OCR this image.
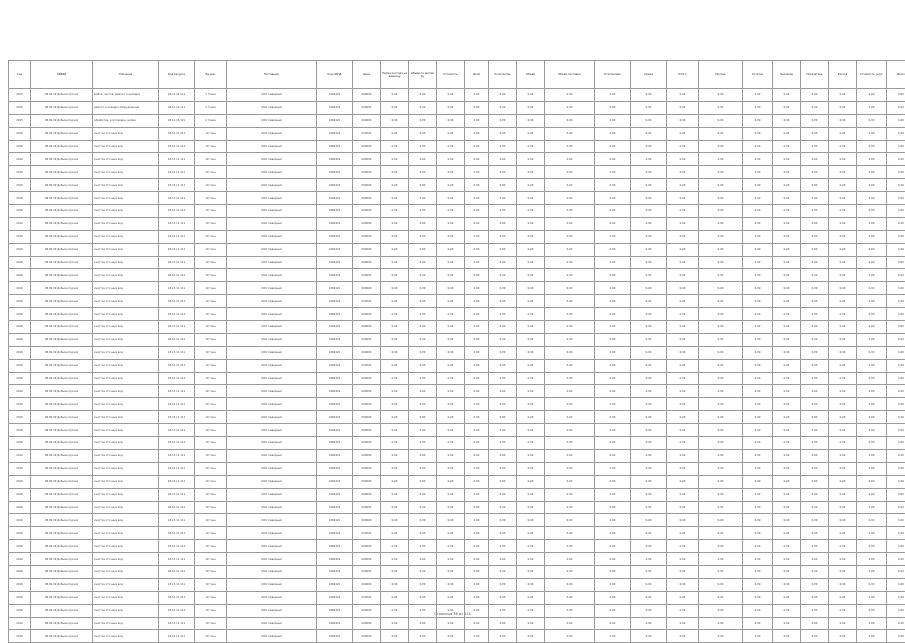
Год	ОКВЭД	Описание	Код ресурса	Ед.изм.	Поставщик	Код ОКПД	Цена	Норма расхода на единицу	Объём по договору	Стоимость	Доля	Количество	Объём	Объём поставки	Отклонение	Сумма	Итого	Прочее	Остаток	Значение	Показатель	Расход	Стоимость услуг	Всего
2015	08.99.39 Добыча прочих	мойка, чистка, ремонт и наладка	18.12.14.111	1 тонна	ООО Северный	1960421	000000	0,00	0,00	0,00	0,00	0,00	0,00	0,00	0,00	0,00	0,00	0,00	0,00	0,00	0,00	0,00	0,00	0,00
2015	08.99.39 Добыча прочих	ремонт и наладка оборудования	18.11.12.111	1 тонна	ООО Северный	1960421	000000	0,00	0,00	0,00	0,00	0,00	0,00	0,00	0,00	0,00	0,00	0,00	0,00	0,00	0,00	0,00	0,00	0,00
2015	08.99.39 Добыча прочих	обработка, сортировка, мойка	18.12.14.121	1 тонна	ООО Северный	1960421	000000	0,00	0,00	0,00	0,00	0,00	0,00	0,00	0,00	0,00	0,00	0,00	0,00	0,00	0,00	0,00	0,00	0,00
2016	08.99.39 Добыча прочих	очистка сточных вод	18.13.11.111	10 тонн	ООО Северный	1960421	000000	0,00	0,00	0,00	0,00	0,00	0,00	0,00	0,00	0,00	0,00	0,00	0,00	0,00	0,00	0,00	0,00	0,00
2016	08.99.39 Добыча прочих	очистка сточных вод	18.13.11.111	10 тонн	ООО Северный	1960421	000000	0,00	0,00	0,00	0,00	0,00	0,00	0,00	0,00	0,00	0,00	0,00	0,00	0,00	0,00	0,00	0,00	0,00
2016	08.99.39 Добыча прочих	очистка сточных вод	18.13.11.111	10 тонн	ООО Северный	1960421	000000	0,00	0,00	0,00	0,00	0,00	0,00	0,00	0,00	0,00	0,00	0,00	0,00	0,00	0,00	0,00	0,00	0,00
2016	08.99.39 Добыча прочих	очистка сточных вод	18.13.11.111	10 тонн	ООО Северный	1960421	000000	0,00	0,00	0,00	0,00	0,00	0,00	0,00	0,00	0,00	0,00	0,00	0,00	0,00	0,00	0,00	0,00	0,00
2016	08.99.39 Добыча прочих	очистка сточных вод	18.13.11.111	10 тонн	ООО Северный	1960421	000000	0,00	0,00	0,00	0,00	0,00	0,00	0,00	0,00	0,00	0,00	0,00	0,00	0,00	0,00	0,00	0,00	0,00
2016	08.99.39 Добыча прочих	очистка сточных вод	18.13.11.111	10 тонн	ООО Северный	1960421	000000	0,00	0,00	0,00	0,00	0,00	0,00	0,00	0,00	0,00	0,00	0,00	0,00	0,00	0,00	0,00	0,00	0,00
2016	08.99.39 Добыча прочих	очистка сточных вод	18.13.11.111	10 тонн	ООО Северный	1960421	000000	0,00	0,00	0,00	0,00	0,00	0,00	0,00	0,00	0,00	0,00	0,00	0,00	0,00	0,00	0,00	0,00	0,00
2016	08.99.39 Добыча прочих	очистка сточных вод	18.13.11.111	10 тонн	ООО Северный	1960421	000000	0,00	0,00	0,00	0,00	0,00	0,00	0,00	0,00	0,00	0,00	0,00	0,00	0,00	0,00	0,00	0,00	0,00
2016	08.99.39 Добыча прочих	очистка сточных вод	18.13.11.111	10 тонн	ООО Северный	1960421	000000	0,00	0,00	0,00	0,00	0,00	0,00	0,00	0,00	0,00	0,00	0,00	0,00	0,00	0,00	0,00	0,00	0,00
2016	08.99.39 Добыча прочих	очистка сточных вод	18.13.11.111	10 тонн	ООО Северный	1960421	000000	0,00	0,00	0,00	0,00	0,00	0,00	0,00	0,00	0,00	0,00	0,00	0,00	0,00	0,00	0,00	0,00	0,00
2016	08.99.39 Добыча прочих	очистка сточных вод	18.13.11.111	10 тонн	ООО Северный	1960421	000000	0,00	0,00	0,00	0,00	0,00	0,00	0,00	0,00	0,00	0,00	0,00	0,00	0,00	0,00	0,00	0,00	0,00
2016	08.99.39 Добыча прочих	очистка сточных вод	18.13.11.111	10 тонн	ООО Северный	1960421	000000	0,00	0,00	0,00	0,00	0,00	0,00	0,00	0,00	0,00	0,00	0,00	0,00	0,00	0,00	0,00	0,00	0,00
2016	08.99.39 Добыча прочих	очистка сточных вод	18.13.11.111	10 тонн	ООО Северный	1960421	000000	0,00	0,00	0,00	0,00	0,00	0,00	0,00	0,00	0,00	0,00	0,00	0,00	0,00	0,00	0,00	0,00	0,00
2016	08.99.39 Добыча прочих	очистка сточных вод	18.13.11.111	10 тонн	ООО Северный	1960421	000000	0,00	0,00	0,00	0,00	0,00	0,00	0,00	0,00	0,00	0,00	0,00	0,00	0,00	0,00	0,00	0,00	0,00
2016	08.99.39 Добыча прочих	очистка сточных вод	18.13.11.111	10 тонн	ООО Северный	1960421	000000	0,00	0,00	0,00	0,00	0,00	0,00	0,00	0,00	0,00	0,00	0,00	0,00	0,00	0,00	0,00	0,00	0,00
2016	08.99.39 Добыча прочих	очистка сточных вод	18.13.11.111	10 тонн	ООО Северный	1960421	000000	0,00	0,00	0,00	0,00	0,00	0,00	0,00	0,00	0,00	0,00	0,00	0,00	0,00	0,00	0,00	0,00	0,00
2016	08.99.39 Добыча прочих	очистка сточных вод	18.13.11.111	10 тонн	ООО Северный	1960421	000000	0,00	0,00	0,00	0,00	0,00	0,00	0,00	0,00	0,00	0,00	0,00	0,00	0,00	0,00	0,00	0,00	0,00
2016	08.99.39 Добыча прочих	очистка сточных вод	18.13.11.111	10 тонн	ООО Северный	1960421	000000	0,00	0,00	0,00	0,00	0,00	0,00	0,00	0,00	0,00	0,00	0,00	0,00	0,00	0,00	0,00	0,00	0,00
2016	08.99.39 Добыча прочих	очистка сточных вод	18.13.11.111	10 тонн	ООО Северный	1960421	000000	0,00	0,00	0,00	0,00	0,00	0,00	0,00	0,00	0,00	0,00	0,00	0,00	0,00	0,00	0,00	0,00	0,00
2016	08.99.39 Добыча прочих	очистка сточных вод	18.13.11.111	10 тонн	ООО Северный	1960421	000000	0,00	0,00	0,00	0,00	0,00	0,00	0,00	0,00	0,00	0,00	0,00	0,00	0,00	0,00	0,00	0,00	0,00
2016	08.99.39 Добыча прочих	очистка сточных вод	18.13.11.111	10 тонн	ООО Северный	1960421	000000	0,00	0,00	0,00	0,00	0,00	0,00	0,00	0,00	0,00	0,00	0,00	0,00	0,00	0,00	0,00	0,00	0,00
2016	08.99.39 Добыча прочих	очистка сточных вод	18.13.11.111	10 тонн	ООО Северный	1960421	000000	0,00	0,00	0,00	0,00	0,00	0,00	0,00	0,00	0,00	0,00	0,00	0,00	0,00	0,00	0,00	0,00	0,00
2016	08.99.39 Добыча прочих	очистка сточных вод	18.13.11.111	10 тонн	ООО Северный	1960421	000000	0,00	0,00	0,00	0,00	0,00	0,00	0,00	0,00	0,00	0,00	0,00	0,00	0,00	0,00	0,00	0,00	0,00
2016	08.99.39 Добыча прочих	очистка сточных вод	18.13.11.111	10 тонн	ООО Северный	1960421	000000	0,00	0,00	0,00	0,00	0,00	0,00	0,00	0,00	0,00	0,00	0,00	0,00	0,00	0,00	0,00	0,00	0,00
2016	08.99.39 Добыча прочих	очистка сточных вод	18.13.11.111	10 тонн	ООО Северный	1960421	000000	0,00	0,00	0,00	0,00	0,00	0,00	0,00	0,00	0,00	0,00	0,00	0,00	0,00	0,00	0,00	0,00	0,00
2016	08.99.39 Добыча прочих	очистка сточных вод	18.13.11.111	10 тонн	ООО Северный	1960421	000000	0,00	0,00	0,00	0,00	0,00	0,00	0,00	0,00	0,00	0,00	0,00	0,00	0,00	0,00	0,00	0,00	0,00
2016	08.99.39 Добыча прочих	очистка сточных вод	18.13.11.111	10 тонн	ООО Северный	1960421	000000	0,00	0,00	0,00	0,00	0,00	0,00	0,00	0,00	0,00	0,00	0,00	0,00	0,00	0,00	0,00	0,00	0,00
2016	08.99.39 Добыча прочих	очистка сточных вод	18.13.11.111	10 тонн	ООО Северный	1960421	000000	0,00	0,00	0,00	0,00	0,00	0,00	0,00	0,00	0,00	0,00	0,00	0,00	0,00	0,00	0,00	0,00	0,00
2016	08.99.39 Добыча прочих	очистка сточных вод	18.13.11.111	10 тонн	ООО Северный	1960421	000000	0,00	0,00	0,00	0,00	0,00	0,00	0,00	0,00	0,00	0,00	0,00	0,00	0,00	0,00	0,00	0,00	0,00
2016	08.99.39 Добыча прочих	очистка сточных вод	18.13.11.111	10 тонн	ООО Северный	1960421	000000	0,00	0,00	0,00	0,00	0,00	0,00	0,00	0,00	0,00	0,00	0,00	0,00	0,00	0,00	0,00	0,00	0,00
2016	08.99.39 Добыча прочих	очистка сточных вод	18.13.11.111	10 тонн	ООО Северный	1960421	000000	0,00	0,00	0,00	0,00	0,00	0,00	0,00	0,00	0,00	0,00	0,00	0,00	0,00	0,00	0,00	0,00	0,00
2016	08.99.39 Добыча прочих	очистка сточных вод	18.13.11.111	10 тонн	ООО Северный	1960421	000000	0,00	0,00	0,00	0,00	0,00	0,00	0,00	0,00	0,00	0,00	0,00	0,00	0,00	0,00	0,00	0,00	0,00
2016	08.99.39 Добыча прочих	очистка сточных вод	18.13.11.111	10 тонн	ООО Северный	1960421	000000	0,00	0,00	0,00	0,00	0,00	0,00	0,00	0,00	0,00	0,00	0,00	0,00	0,00	0,00	0,00	0,00	0,00
2016	08.99.39 Добыча прочих	очистка сточных вод	18.13.11.111	10 тонн	ООО Северный	1960421	000000	0,00	0,00	0,00	0,00	0,00	0,00	0,00	0,00	0,00	0,00	0,00	0,00	0,00	0,00	0,00	0,00	0,00
2016	08.99.39 Добыча прочих	очистка сточных вод	18.13.11.111	10 тонн	ООО Северный	1960421	000000	0,00	0,00	0,00	0,00	0,00	0,00	0,00	0,00	0,00	0,00	0,00	0,00	0,00	0,00	0,00	0,00	0,00
2016	08.99.39 Добыча прочих	очистка сточных вод	18.13.11.111	10 тонн	ООО Северный	1960421	000000	0,00	0,00	0,00	0,00	0,00	0,00	0,00	0,00	0,00	0,00	0,00	0,00	0,00	0,00	0,00	0,00	0,00
2016	08.99.39 Добыча прочих	очистка сточных вод	18.13.11.111	10 тонн	ООО Северный	1960421	000000	0,00	0,00	0,00	0,00	0,00	0,00	0,00	0,00	0,00	0,00	0,00	0,00	0,00	0,00	0,00	0,00	0,00
2016	08.99.39 Добыча прочих	очистка сточных вод	18.13.11.111	10 тонн	ООО Северный	1960421	000000	0,00	0,00	0,00	0,00	0,00	0,00	0,00	0,00	0,00	0,00	0,00	0,00	0,00	0,00	0,00	0,00	0,00
2016	08.99.39 Добыча прочих	очистка сточных вод	18.13.11.111	10 тонн	ООО Северный	1960421	000000	0,00	0,00	0,00	0,00	0,00	0,00	0,00	0,00	0,00	0,00	0,00	0,00	0,00	0,00	0,00	0,00	0,00
2016	08.99.39 Добыча прочих	очистка сточных вод	18.13.11.111	10 тонн	ООО Северный	1960421	000000	0,00	0,00	0,00	0,00	0,00	0,00	0,00	0,00	0,00	0,00	0,00	0,00	0,00	0,00	0,00	0,00	0,00
Страница 36 из 124
